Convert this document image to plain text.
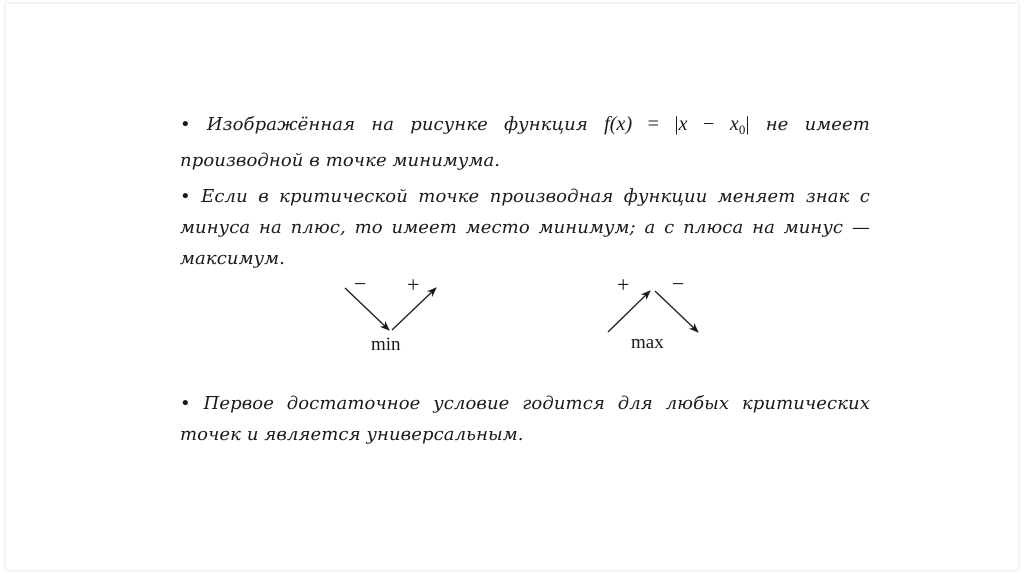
• Изображённая на рисунке функция $f(x) = |x - x_0|$ не имеет производной в точке минимума.
• Если в критической точке производная функции меняет знак с минуса на плюс, то имеет место минимум; а с плюса на минус — максимум.
− +
min
+ −
max
• Первое достаточное условие годится для любых критических точек и является универсальным.
